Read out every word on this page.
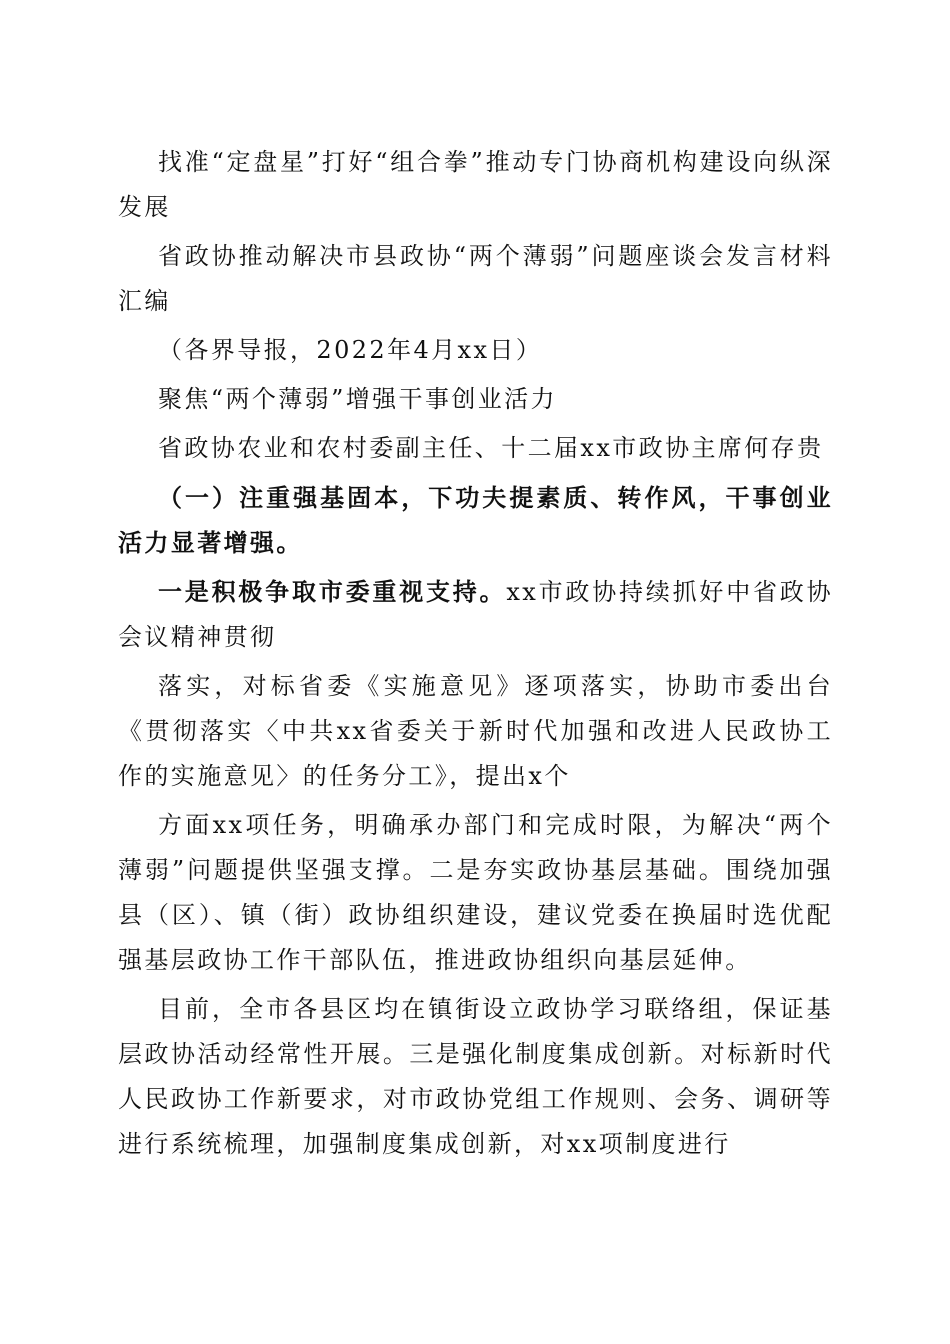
找准“定盘星”打好“组合拳”推动专门协商机构建设向纵深发展

省政协推动解决市县政协“两个薄弱”问题座谈会发言材料汇编

（各界导报，2022年4月xx日）

聚焦“两个薄弱”增强干事创业活力

省政协农业和农村委副主任、十二届xx市政协主席何存贵

（一）注重强基固本，下功夫提素质、转作风，干事创业活力显著增强。

一是积极争取市委重视支持。xx市政协持续抓好中省政协会议精神贯彻

落实，对标省委《实施意见》逐项落实，协助市委出台《贯彻落实〈中共xx省委关于新时代加强和改进人民政协工作的实施意见〉的任务分工》，提出x个

方面xx项任务，明确承办部门和完成时限，为解决“两个薄弱”问题提供坚强支撑。二是夯实政协基层基础。围绕加强县（区）、镇（街）政协组织建设，建议党委在换届时选优配强基层政协工作干部队伍，推进政协组织向基层延伸。

目前，全市各县区均在镇街设立政协学习联络组，保证基层政协活动经常性开展。三是强化制度集成创新。对标新时代人民政协工作新要求，对市政协党组工作规则、会务、调研等进行系统梳理，加强制度集成创新，对xx项制度进行
